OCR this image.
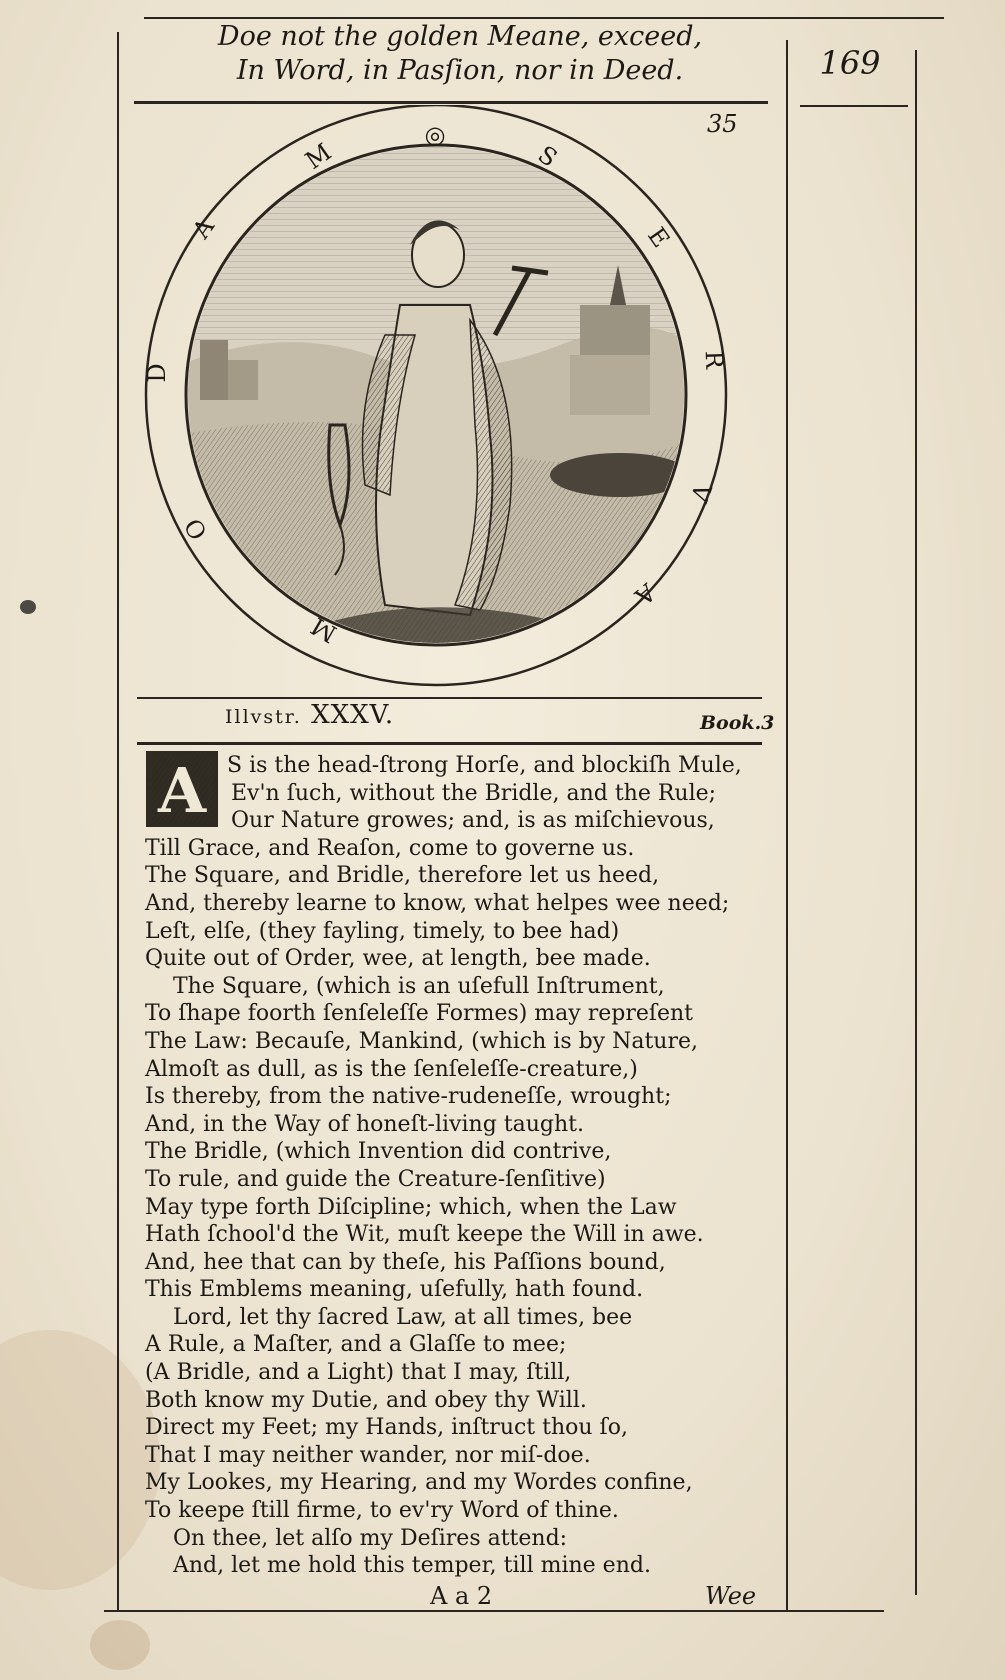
Doe not the golden Meane, exceed,
In Word, in Pasſion, nor in Deed.	169
35
M
◎
S
E
R
V
A
M
O
D
A
Illvstr. XXXV.	Book.3
A S is the head-ſtrong Horſe, and blockiſh Mule,
Ev'n ſuch, without the Bridle, and the Rule;
Our Nature growes; and, is as miſchievous,
Till Grace, and Reaſon, come to governe us.
The Square, and Bridle, therefore let us heed,
And, thereby learne to know, what helpes wee need;
Leſt, elſe, (they fayling, timely, to bee had)
Quite out of Order, wee, at length, bee made.
The Square, (which is an uſefull Inſtrument,
To ſhape foorth ſenſeleſſe Formes) may repreſent
The Law: Becauſe, Mankind, (which is by Nature,
Almoſt as dull, as is the ſenſeleſſe-creature,)
Is thereby, from the native-rudeneſſe, wrought;
And, in the Way of honeſt-living taught.
The Bridle, (which Invention did contrive,
To rule, and guide the Creature-ſenſitive)
May type forth Diſcipline; which, when the Law
Hath ſchool'd the Wit, muſt keepe the Will in awe.
And, hee that can by theſe, his Paſſions bound,
This Emblems meaning, uſefully, hath found.
Lord, let thy ſacred Law, at all times, bee
A Rule, a Maſter, and a Glaſſe to mee;
(A Bridle, and a Light) that I may, ſtill,
Both know my Dutie, and obey thy Will.
Direct my Feet; my Hands, inſtruct thou ſo,
That I may neither wander, nor miſ-doe.
My Lookes, my Hearing, and my Wordes confine,
To keepe ſtill firme, to ev'ry Word of thine.
On thee, let alſo my Deſires attend:
And, let me hold this temper, till mine end.
A a 2	Wee
